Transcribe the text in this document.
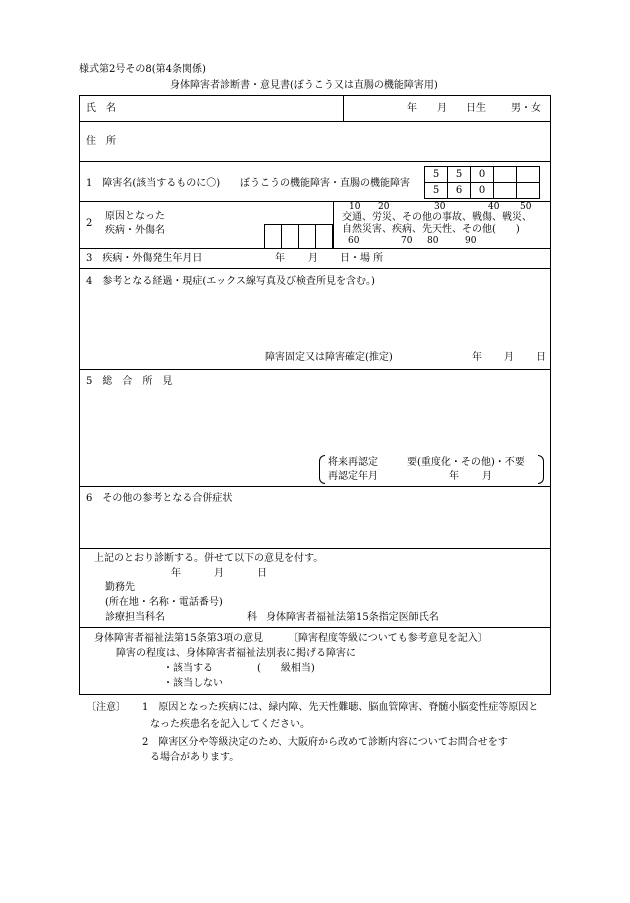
様式第2号その8(第4条関係)
身体障害者診断書・意見書(ぼうこう又は直腸の機能障害用)
氏　名	年 月 日生	男・女
住　所
1　障害名(該当するものに〇) ぼうこうの機能障害・直腸の機能障害
5	5	0
5	6	0
2
原因となった
疾病・外傷名
10 20	30	40 50
交通、労災、その他の事故、戦傷、戦災、
自然災害、疾病、先天性、その他(　　)
60	70 80	90
3　疾病・外傷発生年月日	年 月 日・場 所
4　参考となる経過・現症(エックス線写真及び検査所見を含む。)
障害固定又は障害確定(推定)	年 月 日
5　総　合　所　見
将来再認定	要(重度化・その他)・不要
再認定年月	年 月
6　その他の参考となる合併症状
上記のとおり診断する。併せて以下の意見を付す。
年	月	日
勤務先
(所在地・名称・電話番号)
診療担当科名	科 身体障害者福祉法第15条指定医師氏名
身体障害者福祉法第15条第3項の意見 〔障害程度等級についても参考意見を記入〕
障害の程度は、身体障害者福祉法別表に掲げる障害に
・該当する	(　　級相当)
・該当しない
〔注意〕 1　原因となった疾病には、緑内障、先天性難聴、脳血管障害、脊髄小脳変性症等原因と
なった疾患名を記入してください。
2　障害区分や等級決定のため、大阪府から改めて診断内容についてお問合せをす
る場合があります。
